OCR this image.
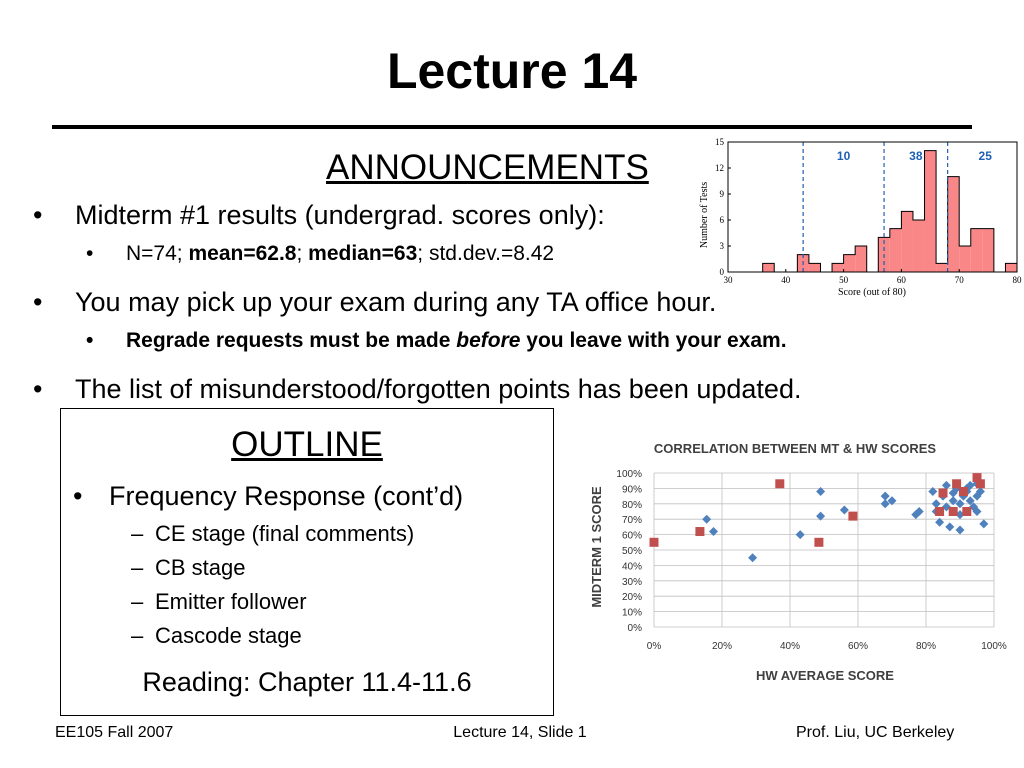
Lecture 14
ANNOUNCEMENTS
• Midterm #1 results (undergrad. scores only):
• N=74; mean=62.8; median=63; std.dev.=8.42
• You may pick up your exam during any TA office hour.
• Regrade requests must be made before you leave with your exam.
• The list of misunderstood/forgotten points has been updated.
10	38	25
30	40	50	60	70	80
0
3
6
9
12
15
Number of Tests
Score (out of 80)
OUTLINE
• Frequency Response (cont’d)
– CE stage (final comments)
– CB stage
– Emitter follower
– Cascode stage
Reading: Chapter 11.4-11.6
CORRELATION BETWEEN MT & HW SCORES
MIDTERM 1 SCORE
HW AVERAGE SCORE
0%
10%
20%
30%
40%
50%
60%
70%
80%
90%
100%
0%	20%	40%	60%	80%	100%
EE105 Fall 2007	Lecture 14, Slide 1	Prof. Liu, UC Berkeley
